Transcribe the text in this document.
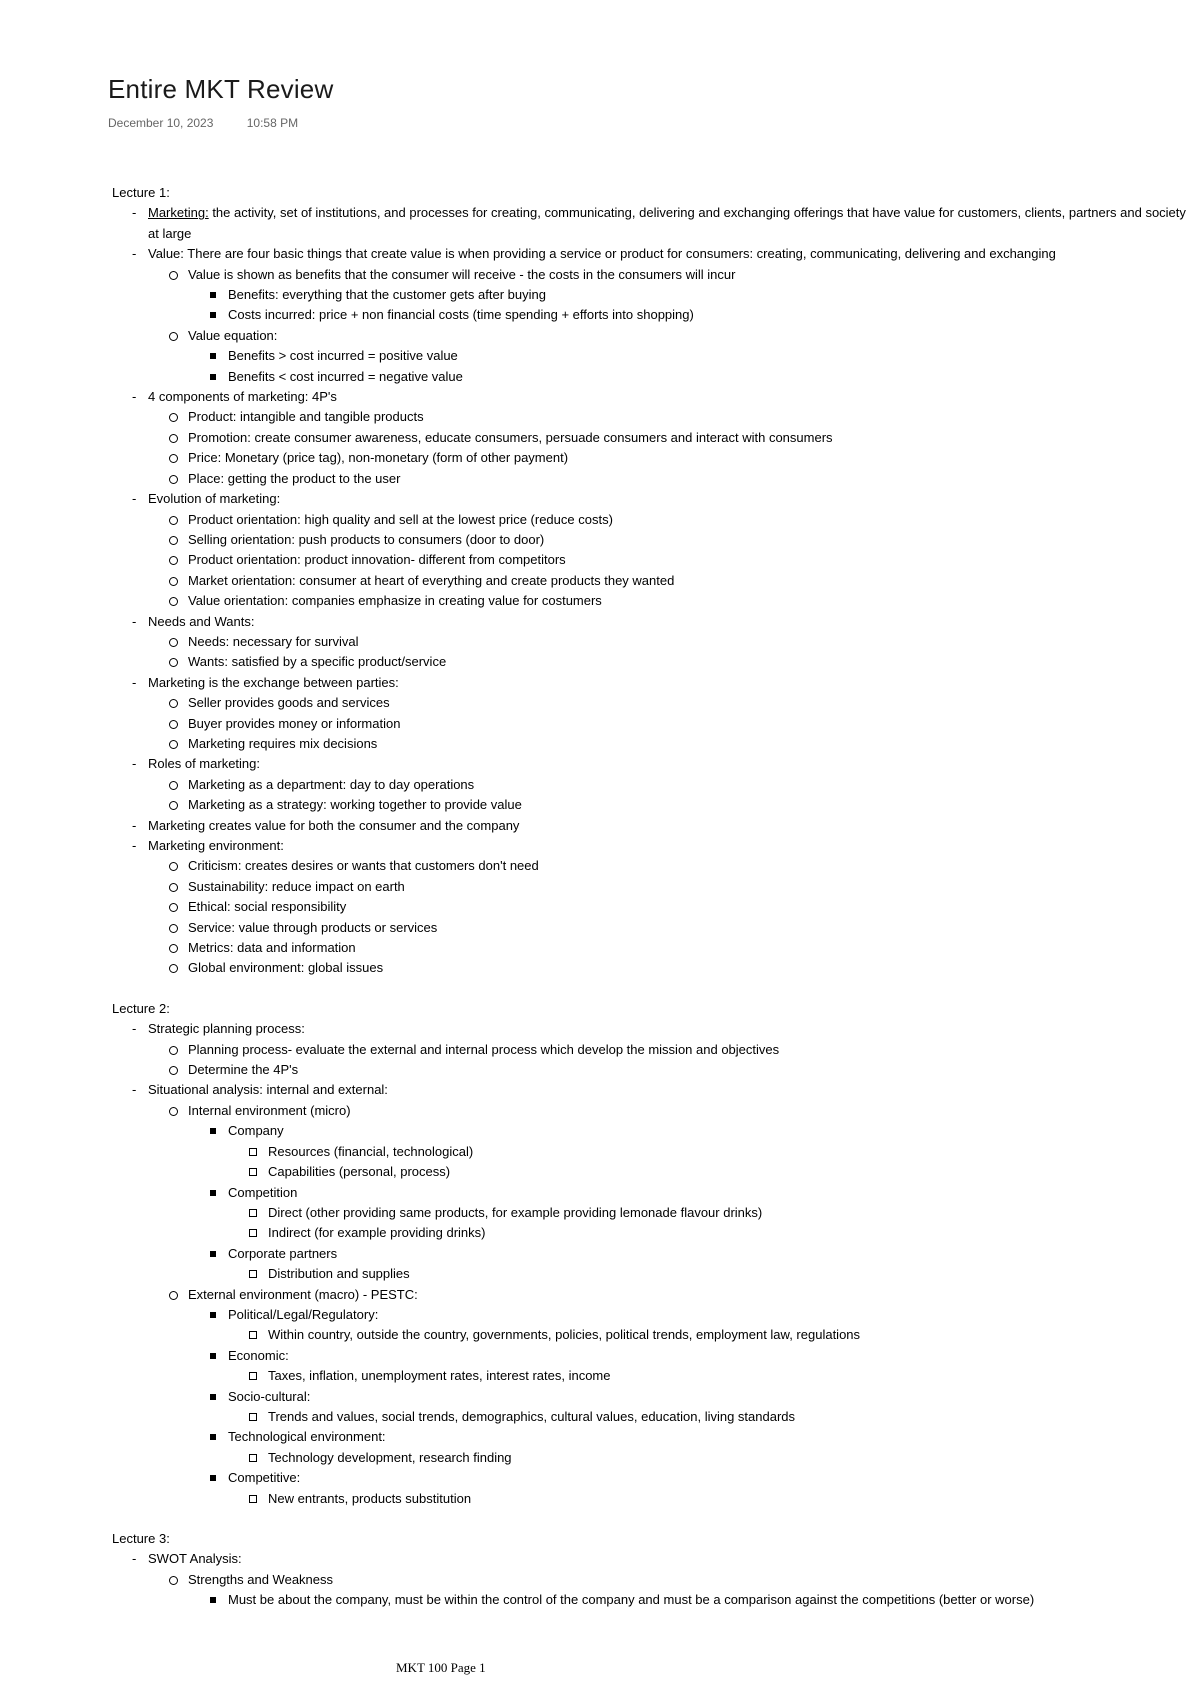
Entire MKT Review
December 10, 2023	10:58 PM
Lecture 1:
- Marketing: the activity, set of institutions, and processes for creating, communicating, delivering and exchanging offerings that have value for customers, clients, partners and society at large
- Value: There are four basic things that create value is when providing a service or product for consumers: creating, communicating, delivering and exchanging
Value is shown as benefits that the consumer will receive - the costs in the consumers will incur
Benefits: everything that the customer gets after buying
Costs incurred: price + non financial costs (time spending + efforts into shopping)
Value equation:
Benefits > cost incurred = positive value
Benefits < cost incurred = negative value
- 4 components of marketing: 4P's
Product: intangible and tangible products
Promotion: create consumer awareness, educate consumers, persuade consumers and interact with consumers
Price: Monetary (price tag), non-monetary (form of other payment)
Place: getting the product to the user
- Evolution of marketing:
Product orientation: high quality and sell at the lowest price (reduce costs)
Selling orientation: push products to consumers (door to door)
Product orientation: product innovation- different from competitors
Market orientation: consumer at heart of everything and create products they wanted
Value orientation: companies emphasize in creating value for costumers
- Needs and Wants:
Needs: necessary for survival
Wants: satisfied by a specific product/service
- Marketing is the exchange between parties:
Seller provides goods and services
Buyer provides money or information
Marketing requires mix decisions
- Roles of marketing:
Marketing as a department: day to day operations
Marketing as a strategy: working together to provide value
- Marketing creates value for both the consumer and the company
- Marketing environment:
Criticism: creates desires or wants that customers don't need
Sustainability: reduce impact on earth
Ethical: social responsibility
Service: value through products or services
Metrics: data and information
Global environment: global issues
Lecture 2:
- Strategic planning process:
Planning process- evaluate the external and internal process which develop the mission and objectives
Determine the 4P's
- Situational analysis: internal and external:
Internal environment (micro)
Company
Resources (financial, technological)
Capabilities (personal, process)
Competition
Direct (other providing same products, for example providing lemonade flavour drinks)
Indirect (for example providing drinks)
Corporate partners
Distribution and supplies
External environment (macro) - PESTC:
Political/Legal/Regulatory:
Within country, outside the country, governments, policies, political trends, employment law, regulations
Economic:
Taxes, inflation, unemployment rates, interest rates, income
Socio-cultural:
Trends and values, social trends, demographics, cultural values, education, living standards
Technological environment:
Technology development, research finding
Competitive:
New entrants, products substitution
Lecture 3:
- SWOT Analysis:
Strengths and Weakness
Must be about the company, must be within the control of the company and must be a comparison against the competitions (better or worse)
MKT 100 Page 1
